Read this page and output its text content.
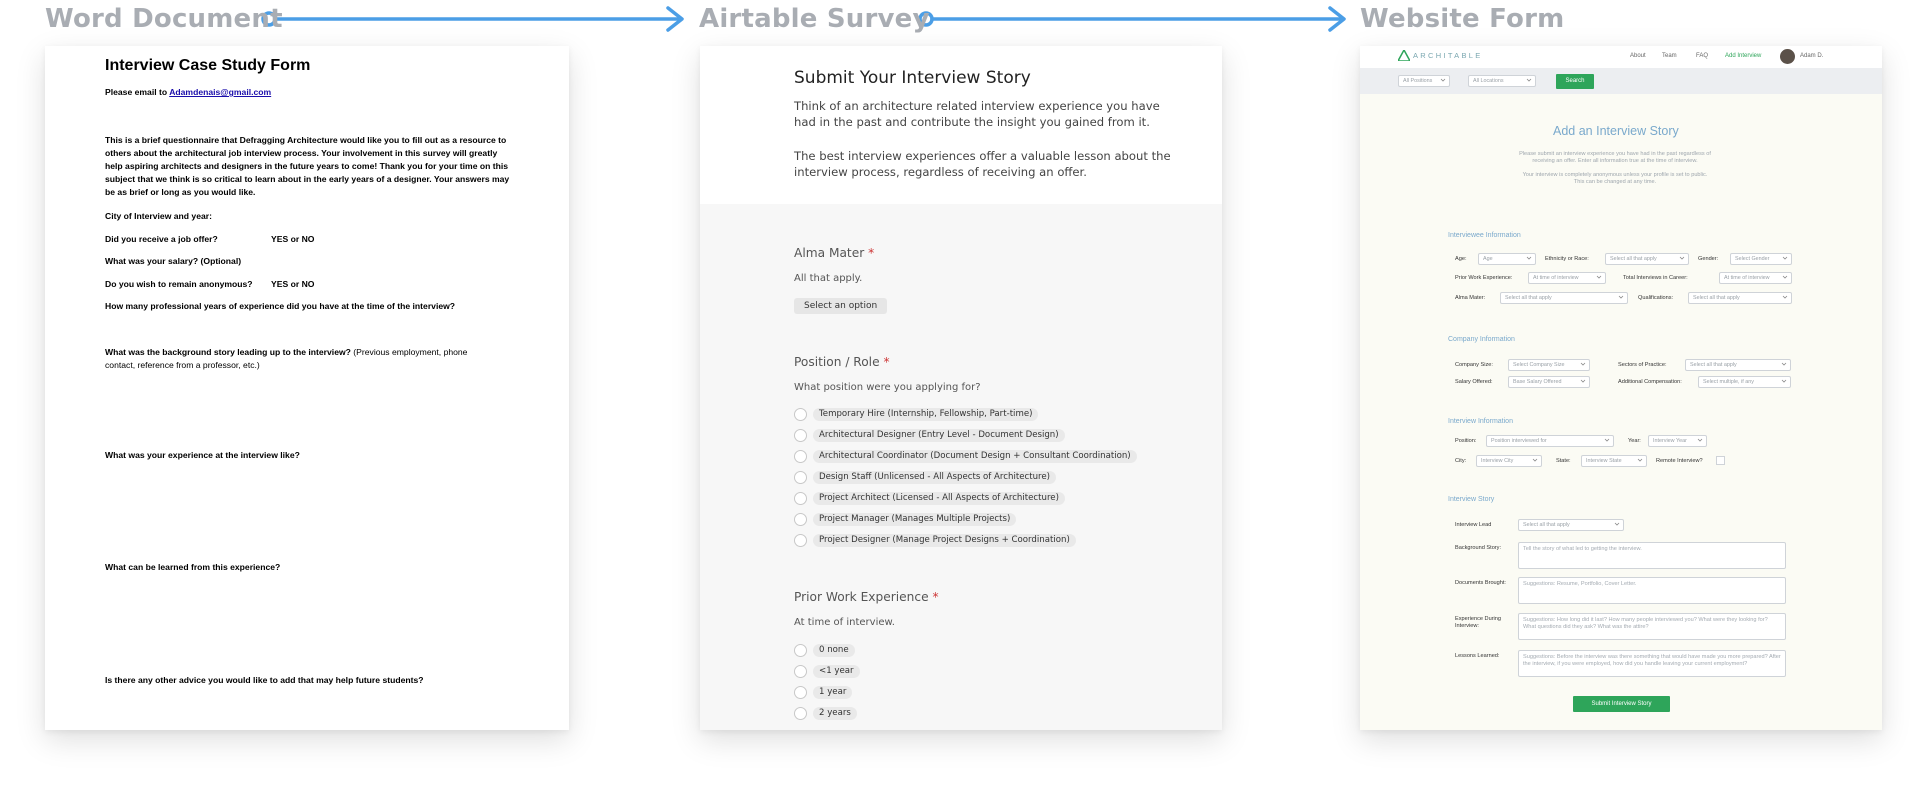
Word Document	Airtable Survey	Website Form
Interview Case Study Form
Please email to Adamdenais@gmail.com
This is a brief questionnaire that Defragging Architecture would like you to fill out as a resource to others about the architectural job interview process. Your involvement in this survey will greatly help aspiring architects and designers in the future years to come! Thank you for your time on this subject that we think is so critical to learn about in the early years of a designer. Your answers may be as brief or long as you would like.
City of Interview and year:
Did you receive a job offer?	YES or NO
What was your salary? (Optional)
Do you wish to remain anonymous? YES or NO
How many professional years of experience did you have at the time of the interview?
What was the background story leading up to the interview? (Previous employment, phone
contact, reference from a professor, etc.)
What was your experience at the interview like?
What can be learned from this experience?
Is there any other advice you would like to add that may help future students?
Submit Your Interview Story
Think of an architecture related interview experience you have
had in the past and contribute the insight you gained from it.
The best interview experiences offer a valuable lesson about the
interview process, regardless of receiving an offer.
Alma Mater *
All that apply.
Select an option
Position / Role *
What position were you applying for?
Prior Work Experience *
At time of interview.
Temporary Hire (Internship, Fellowship, Part-time)
Architectural Designer (Entry Level - Document Design)
Architectural Coordinator (Document Design + Consultant Coordination)
Design Staff (Unlicensed - All Aspects of Architecture)
Project Architect (Licensed - All Aspects of Architecture)
Project Manager (Manages Multiple Projects)
Project Designer (Manage Project Designs + Coordination)
0 none
<1 year
1 year
2 years
ARCHITABLE	About	Team	FAQ	Add Interview	Adam D.
All Positions	All Locations	Search
Add an Interview Story
Please submit an interview experience you have had in the past regardless of
receiving an offer. Enter all information true at the time of interview.
Your interview is completely anonymous unless your profile is set to public.
This can be changed at any time.
Interviewee Information
Age:	Age	Ethnicity or Race:	Select all that apply	Gender:	Select Gender
Prior Work Experience:	At time of interview	Total Interviews in Career:	At time of interview
Alma Mater:	Select all that apply	Qualifications:	Select all that apply
Company Information
Company Size:	Select Company Size	Sectors of Practice:	Select all that apply
Salary Offered:	Base Salary Offered	Additional Compensation:	Select multiple, if any
Interview Information
Position:	Position interviewed for	Year:	Interview Year
City:	Interview City	State:	Interview State	Remote Interview?
Interview Story
Interview Lead	Select all that apply
Background Story:	Tell the story of what led to getting the interview.
Documents Brought:	Suggestions: Resume, Portfolio, Cover Letter.
Experience During Interview:
Suggestions: How long did it last? How many people interviewed you? What were they looking for? What questions did they ask? What was the attire?
Lessons Learned:	Suggestions: Before the interview was there something that would have made you more prepared? After the interview, if you were employed, how did you handle leaving your current employment?
Submit Interview Story
